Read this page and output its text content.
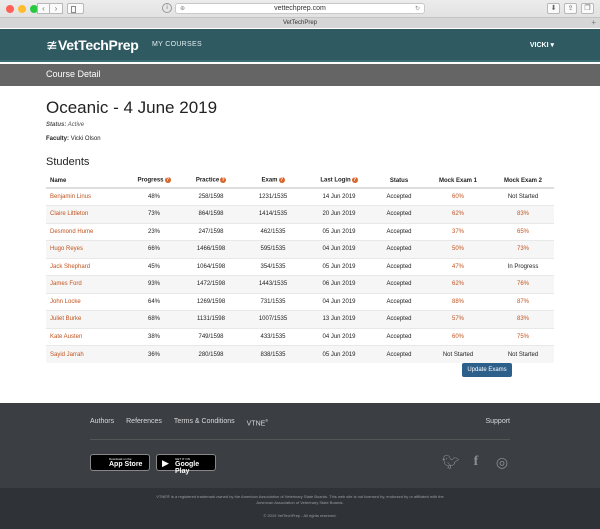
‹	›	i	⊕	vettechprep.com	↻	⬇	⇪	❐
VetTechPrep	+
≇
VetTechPrep MY COURSES	VICKI ▾
Course Detail
Oceanic - 4 June 2019
Status: Active
Faculty: Vicki Olson
Students
Name	Progress ?	Practice ?	Exam ?	Last Login ?	Status	Mock Exam 1	Mock Exam 2
Benjamin Linus	48%	258/1598	1231/1535	14 Jun 2019	Accepted	60%	Not Started
Claire Littleton	73%	864/1598	1414/1535	20 Jun 2019	Accepted	62%	83%
Desmond Hume	23%	247/1598	462/1535	05 Jun 2019	Accepted	37%	65%
Hugo Reyes	66%	1466/1598	595/1535	04 Jun 2019	Accepted	50%	73%
Jack Shephard	45%	1064/1598	354/1535	05 Jun 2019	Accepted	47%	In Progress
James Ford	93%	1472/1598	1443/1535	06 Jun 2019	Accepted	62%	76%
John Locke	64%	1269/1598	731/1535	04 Jun 2019	Accepted	88%	87%
Juliet Burke	68%	1131/1598	1007/1535	13 Jun 2019	Accepted	57%	83%
Kate Austen	38%	749/1598	433/1535	04 Jun 2019	Accepted	60%	75%
Sayid Jarrah	36%	280/1598	838/1535	05 Jun 2019	Accepted	Not Started	Not Started
Update Exams
Authors References Terms & Conditions VTNE®	Support
Download on the
App Store ▶ GET IT ON
Google Play
🐦︎ f	◎
VTNE® is a registered trademark owned by the American Association of Veterinary State Boards. This web site is not licensed by, endorsed by or affiliated with the American Association of Veterinary State Boards.
© 2019 VetTechPrep - All rights reserved.
